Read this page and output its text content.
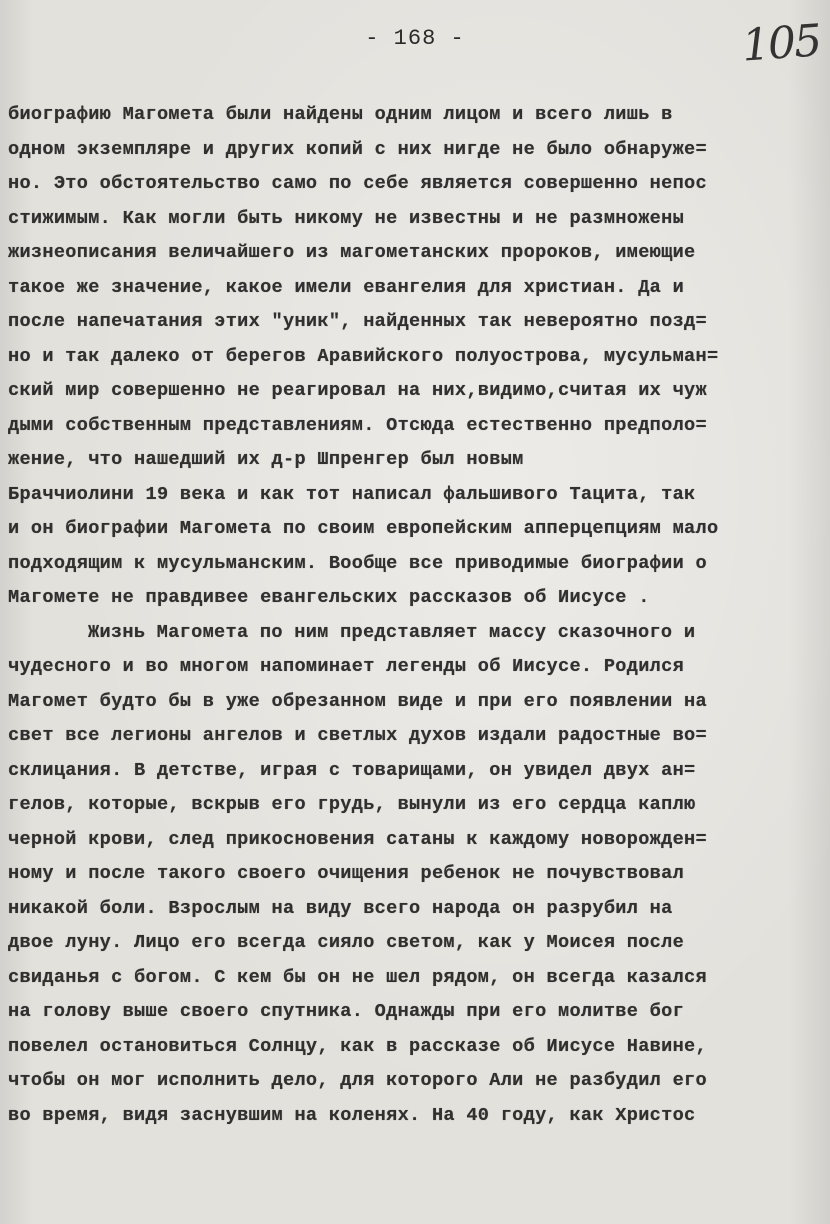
- 168 -	105
биографию Магомета были найдены одним лицом и всего лишь в
одном экземпляре и других копий с них нигде не было обнаруже=
но. Это обстоятельство само по себе является совершенно непос
стижимым. Как могли быть никому не известны и не размножены
жизнеописания величайшего из магометанских пророков, имеющие
такое же значение, какое имели евангелия для христиан. Да и
после напечатания этих "уник", найденных так невероятно позд=
но и так далеко от берегов Аравийского полуострова, мусульман=
ский мир совершенно не реагировал на них,видимо,считая их чуж
дыми собственным представлениям. Отсюда естественно предполо=
жение, что нашедший их д-р Шпренгер был новым
Браччиолини 19 века и как тот написал фальшивого Тацита, так
и он биографии Магомета по своим европейским апперцепциям мало
подходящим к мусульманским. Вообще все приводимые биографии о
Магомете не правдивее евангельских рассказов об Иисусе .
Жизнь Магомета по ним представляет массу сказочного и
чудесного и во многом напоминает легенды об Иисусе. Родился
Магомет будто бы в уже обрезанном виде и при его появлении на
свет все легионы ангелов и светлых духов издали радостные во=
склицания. В детстве, играя с товарищами, он увидел двух ан=
гелов, которые, вскрыв его грудь, вынули из его сердца каплю
черной крови, след прикосновения сатаны к каждому новорожден=
ному и после такого своего очищения ребенок не почувствовал
никакой боли. Взрослым на виду всего народа он разрубил на
двое луну. Лицо его всегда сияло светом, как у Моисея после
свиданья с богом. С кем бы он не шел рядом, он всегда казался
на голову выше своего спутника. Однажды при его молитве бог
повелел остановиться Солнцу, как в рассказе об Иисусе Навине,
чтобы он мог исполнить дело, для которого Али не разбудил его
во время, видя заснувшим на коленях. На 40 году, как Христос
